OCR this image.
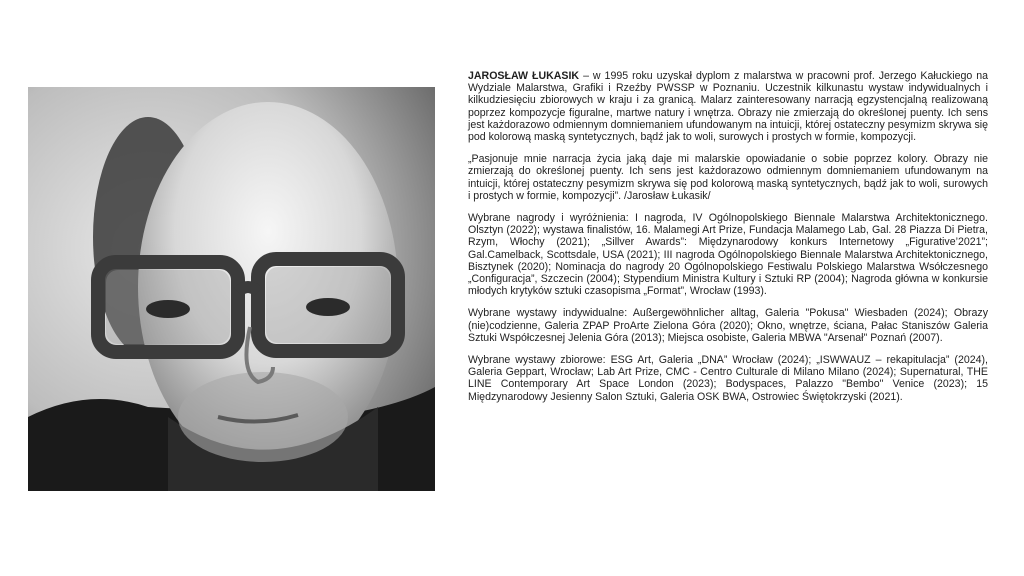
JAROSŁAW ŁUKASIK – w 1995 roku uzyskał dyplom z malarstwa w pracowni prof. Jerzego Kałuckiego na Wydziale Malarstwa, Grafiki i Rzeźby PWSSP w Poznaniu. Uczestnik kilkunastu wystaw indywidualnych i kilkudziesięciu zbiorowych w kraju i za granicą. Malarz zainteresowany narracją egzystencjalną realizowaną poprzez kompozycje figuralne, martwe natury i wnętrza. Obrazy nie zmierzają do określonej puenty. Ich sens jest każdorazowo odmiennym domniemaniem ufundowanym na intuicji, której ostateczny pesymizm skrywa się pod kolorową maską syntetycznych, bądź jak to woli, surowych i prostych w formie, kompozycji.

„Pasjonuje mnie narracja życia jaką daje mi malarskie opowiadanie o sobie poprzez kolory. Obrazy nie zmierzają do określonej puenty. Ich sens jest każdorazowo odmiennym domniemaniem ufundowanym na intuicji, której ostateczny pesymizm skrywa się pod kolorową maską syntetycznych, bądź jak to woli, surowych i prostych w formie, kompozycji”. /Jarosław Łukasik/

Wybrane nagrody i wyróżnienia: I nagroda, IV Ogólnopolskiego Biennale Malarstwa Architektonicznego. Olsztyn (2022); wystawa finalistów, 16. Malamegi Art Prize, Fundacja Malamego Lab, Gal. 28 Piazza Di Pietra, Rzym, Włochy (2021); „Sillver Awards”: Międzynarodowy konkurs Internetowy „Figurative’2021”; Gal.Camelback, Scottsdale, USA (2021); III nagroda Ogólnopolskiego Biennale Malarstwa Architektonicznego, Bisztynek (2020); Nominacja do nagrody 20 Ogólnopolskiego Festiwalu Polskiego Malarstwa Wsółczesnego „Configuracja”, Szczecin (2004); Stypendium Ministra Kultury i Sztuki RP (2004); Nagroda główna w konkursie młodych krytyków sztuki czasopisma „Format”, Wrocław (1993).

Wybrane wystawy indywidualne: Außergewöhnlicher alltag, Galeria "Pokusa" Wiesbaden (2024); Obrazy (nie)codzienne, Galeria ZPAP ProArte Zielona Góra (2020); Okno, wnętrze, ściana, Pałac Staniszów Galeria Sztuki Współczesnej Jelenia Góra (2013); Miejsca osobiste, Galeria MBWA "Arsenał" Poznań (2007).

Wybrane wystawy zbiorowe: ESG Art, Galeria „DNA” Wrocław (2024); „ISWWAUZ – rekapitulacja” (2024), Galeria Geppart, Wrocław; Lab Art Prize, CMC - Centro Culturale di Milano Milano (2024); Supernatural, THE LINE Contemporary Art Space London (2023); Bodyspaces, Palazzo "Bembo" Venice (2023); 15 Międzynarodowy Jesienny Salon Sztuki, Galeria OSK BWA, Ostrowiec Świętokrzyski (2021).
